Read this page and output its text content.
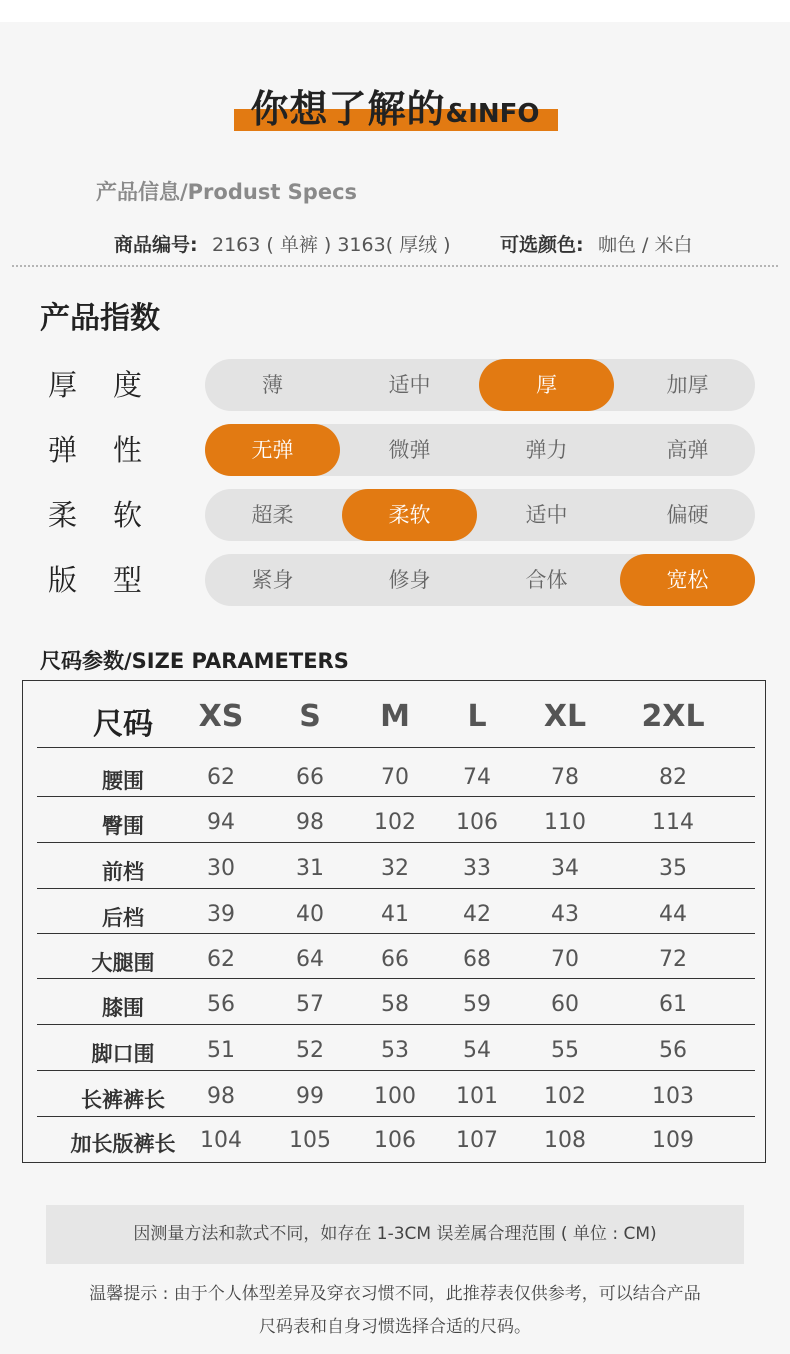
你想了解的&INFO
产品信息/Produst Specs
商品编号: 2163 ( 单裤 ) 3163( 厚绒 )	可选颜色: 咖色 / 米白
产品指数
厚度	薄	适中	厚	加厚
弹性	无弹	微弹	弹力	高弹
柔软	超柔	柔软	适中	偏硬
版型	紧身	修身	合体	宽松
尺码参数/SIZE PARAMETERS
尺码 XS S M L XL 2XL
腰围	62	66	70 74	78	82
臀围	94	98 102 106 110	114
前档	30	31	32 33	34	35
后档	39	40	41 42	43	44
大腿围 62	64	66 68	70	72
膝围	56	57	58 59	60	61
脚口围 51	52	53 54	55	56
长裤裤长 98	99 100 101 102	103
加长版裤长 104 105 106 107 108	109
因测量方法和款式不同，如存在 1-3CM 误差属合理范围 ( 单位 : CM)
温馨提示 : 由于个人体型差异及穿衣习惯不同，此推荐表仅供参考，可以结合产品
尺码表和自身习惯选择合适的尺码。
